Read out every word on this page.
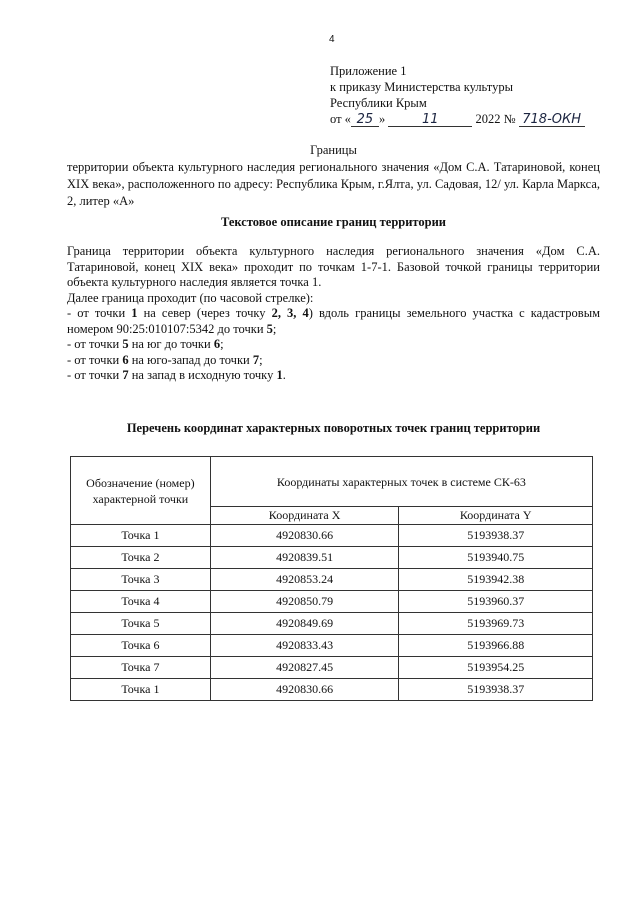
4
Приложение 1
к приказу Министерства культуры
Республики Крым
от « 25 »	11	2022 № 718-ОКН
Границы
территории объекта культурного наследия регионального значения «Дом С.А. Татариновой, конец XIX века», расположенного по адресу: Республика Крым, г.Ялта, ул. Садовая, 12/ ул. Карла Маркса, 2, литер «А»
Текстовое описание границ территории

Граница территории объекта культурного наследия регионального значения «Дом С.А. Татариновой, конец XIX века» проходит по точкам 1-7-1. Базовой точкой границы территории объекта культурного наследия является точка 1.

Далее граница проходит (по часовой стрелке):

- от точки 1 на север (через точку 2, 3, 4) вдоль границы земельного участка с кадастровым номером 90:25:010107:5342 до точки 5;

- от точки 5 на юг до точки 6;

- от точки 6 на юго-запад до точки 7;

- от точки 7 на запад в исходную точку 1.

Перечень координат характерных поворотных точек границ территории
Обозначение (номер) характерной точки	Координаты характерных точек в системе СК-63	
	Координата X	Координата Y
Точка 1	4920830.66	5193938.37
Точка 2	4920839.51	5193940.75
Точка 3	4920853.24	5193942.38
Точка 4	4920850.79	5193960.37
Точка 5	4920849.69	5193969.73
Точка 6	4920833.43	5193966.88
Точка 7	4920827.45	5193954.25
Точка 1	4920830.66	5193938.37
